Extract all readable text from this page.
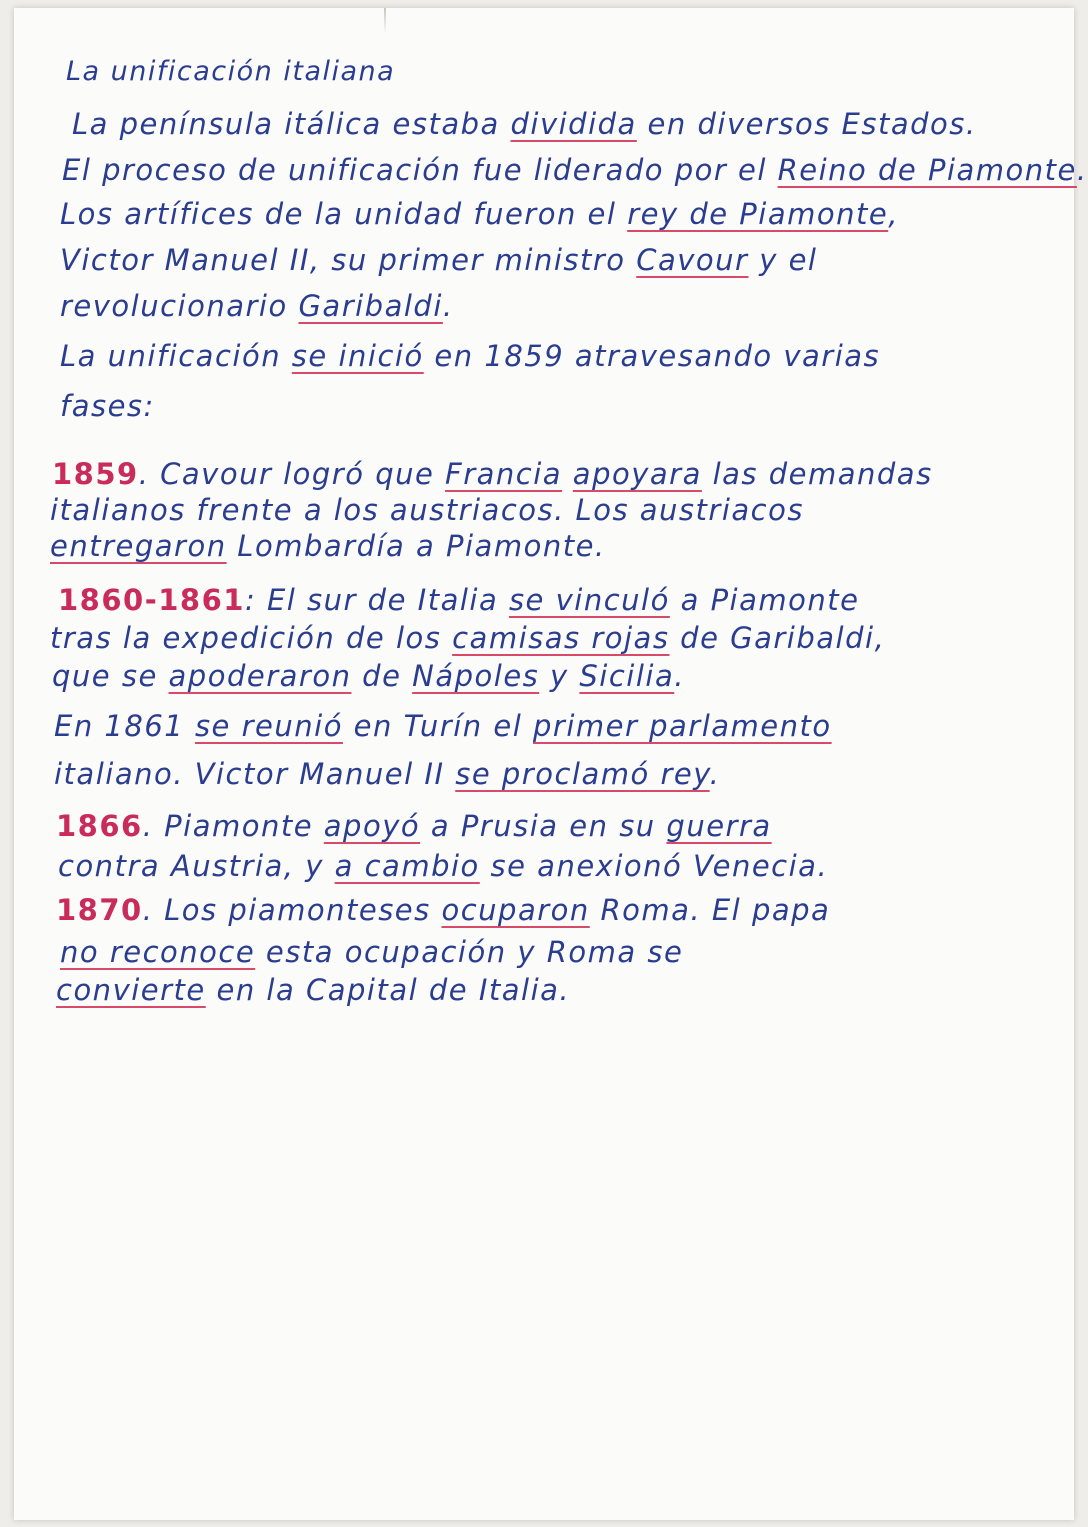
La unificación italiana
La península itálica estaba dividida en diversos Estados.
El proceso de unificación fue liderado por el Reino de Piamonte.
Los artífices de la unidad fueron el rey de Piamonte,
Victor Manuel II, su primer ministro Cavour y el
revolucionario Garibaldi.
La unificación se inició en 1859 atravesando varias
fases:
1859. Cavour logró que Francia apoyara las demandas
italianos frente a los austriacos. Los austriacos
entregaron Lombardía a Piamonte.
1860-1861: El sur de Italia se vinculó a Piamonte
tras la expedición de los camisas rojas de Garibaldi,
que se apoderaron de Nápoles y Sicilia.
En 1861 se reunió en Turín el primer parlamento
italiano. Victor Manuel II se proclamó rey.
1866. Piamonte apoyó a Prusia en su guerra
contra Austria, y a cambio se anexionó Venecia.
1870. Los piamonteses ocuparon Roma. El papa
no reconoce esta ocupación y Roma se
convierte en la Capital de Italia.
